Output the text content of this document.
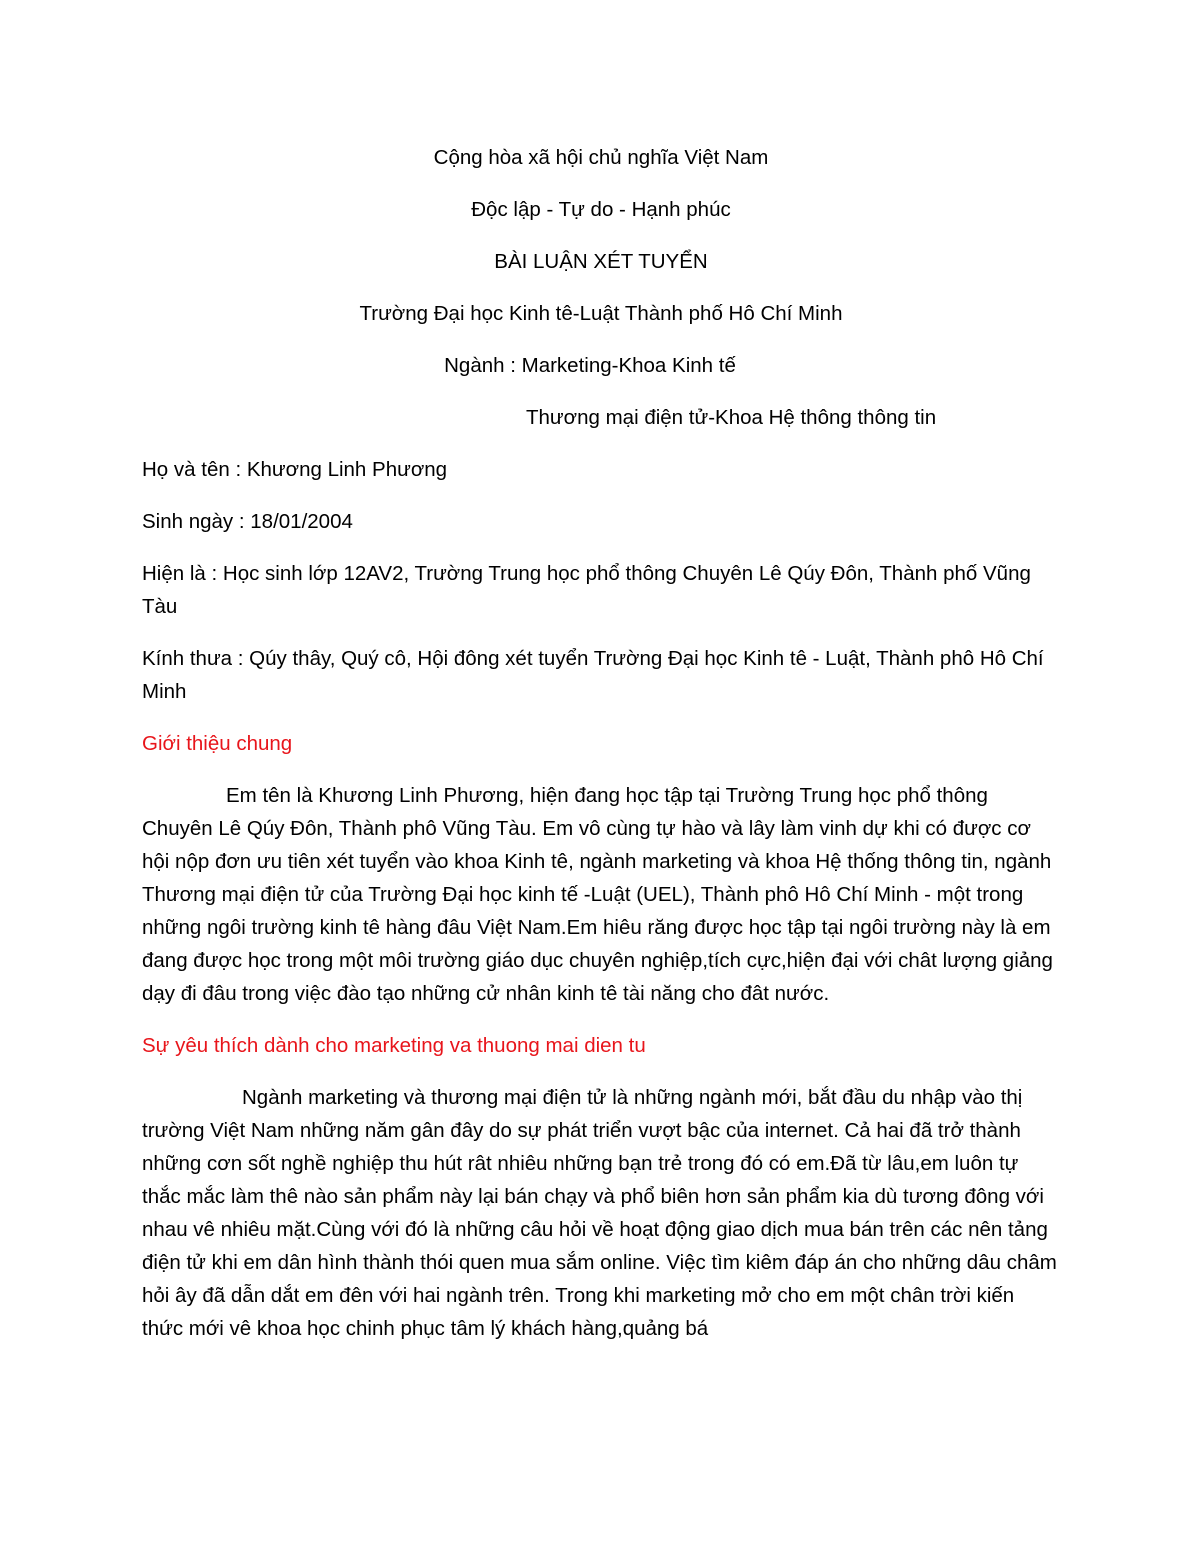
Cộng hòa xã hội chủ nghĩa Việt Nam
Độc lập - Tự do - Hạnh phúc
BÀI LUẬN XÉT TUYỂN
Trường Đại học Kinh tê-Luật Thành phố Hô Chí Minh
Ngành : Marketing-Khoa Kinh tế
Thương mại điện tử-Khoa Hệ thông thông tin
Họ và tên : Khương Linh Phương
Sinh ngày : 18/01/2004
Hiện là : Học sinh lớp 12AV2, Trường Trung học phổ thông Chuyên Lê Qúy Đôn, Thành phố Vũng Tàu
Kính thưa : Qúy thây, Quý cô, Hội đông xét tuyển Trường Đại học Kinh tê - Luật, Thành phô Hô Chí Minh
Giới thiệu chung
Em tên là Khương Linh Phương, hiện đang học tập tại Trường Trung học phổ thông Chuyên Lê Qúy Đôn, Thành phô Vũng Tàu. Em vô cùng tự hào và lây làm vinh dự khi có được cơ hội nộp đơn ưu tiên xét tuyển vào khoa Kinh tê, ngành marketing và khoa Hệ thống thông tin, ngành Thương mại điện tử của Trường Đại học kinh tế -Luật (UEL), Thành phô Hô Chí Minh - một trong những ngôi trường kinh tê hàng đâu Việt Nam.Em hiêu răng được học tập tại ngôi trường này là em đang được học trong một môi trường giáo dục chuyên nghiệp,tích cực,hiện đại với chât lượng giảng dạy đi đâu trong việc đào tạo những cử nhân kinh tê tài năng cho đât nước.
Sự yêu thích dành cho marketing va thuong mai dien tu
Ngành marketing và thương mại điện tử là những ngành mới, bắt đầu du nhập vào thị trường Việt Nam những năm gân đây do sự phát triển vượt bậc của internet. Cả hai đã trở thành những cơn sốt nghề nghiệp thu hút rât nhiêu những bạn trẻ trong đó có em.Đã từ lâu,em luôn tự thắc mắc làm thê nào sản phẩm này lại bán chạy và phổ biên hơn sản phẩm kia dù tương đông với nhau vê nhiêu mặt.Cùng với đó là những câu hỏi về hoạt động giao dịch mua bán trên các nên tảng điện tử khi em dân hình thành thói quen mua sắm online. Việc tìm kiêm đáp án cho những dâu châm hỏi ây đã dẫn dắt em đên với hai ngành trên. Trong khi marketing mở cho em một chân trời kiến thức mới vê khoa học chinh phục tâm lý khách hàng,quảng bá
